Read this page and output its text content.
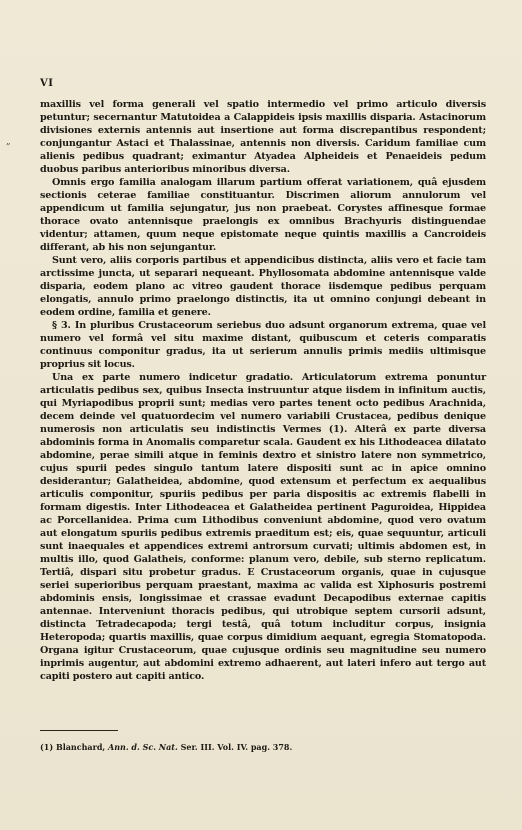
VI
„

maxillis vel forma generali vel spatio intermedio vel primo articulo diversis petuntur; secernantur Matutoidea a Calappideis ipsis maxillis disparia. Astacinorum divisiones externis antennis aut insertione aut forma discrepantibus respondent; conjungantur Astaci et Thalassinae, antennis non diversis. Caridum familiae cum alienis pedibus quadrant; eximantur Atyadea Alpheideis et Penaeideis pedum duobus paribus anterioribus minoribus diversa.

Omnis ergo familia analogam illarum partium offerat variationem, quâ ejusdem sectionis ceterae familiae constituantur. Discrimen aliorum annulorum vel appendicum ut familia sejungatur, jus non praebeat. Corystes affinesque formae thorace ovato antennisque praelongis ex omnibus Brachyuris distinguendae videntur; attamen, quum neque epistomate neque quintis maxillis a Cancroideis differant, ab his non sejungantur.

Sunt vero, aliis corporis partibus et appendicibus distincta, aliis vero et facie tam arctissime juncta, ut separari nequeant. Phyllosomata abdomine antennisque valde disparia, eodem plano ac vitreo gaudent thorace iisdemque pedibus perquam elongatis, annulo primo praelongo distinctis, ita ut omnino conjungi debeant in eodem ordine, familia et genere.

§ 3. In pluribus Crustaceorum seriebus duo adsunt organorum extrema, quae vel numero vel formâ vel situ maxime distant, quibuscum et ceteris comparatis continuus componitur gradus, ita ut serierum annulis primis mediis ultimisque proprius sit locus.

Una ex parte numero indicetur gradatio. Articulatorum extrema ponuntur articulatis pedibus sex, quibus Insecta instruuntur atque iisdem in infinitum auctis, qui Myriapodibus proprii sunt; medias vero partes tenent octo pedibus Arachnida, decem deinde vel quatuordecim vel numero variabili Crustacea, pedibus denique numerosis non articulatis seu indistinctis Vermes (1). Alterâ ex parte diversa abdominis forma in Anomalis comparetur scala. Gaudent ex his Lithodeacea dilatato abdomine, perae simili atque in feminis dextro et sinistro latere non symmetrico, cujus spurii pedes singulo tantum latere dispositi sunt ac in apice omnino desiderantur; Galatheidea, abdomine, quod extensum et perfectum ex aequalibus articulis componitur, spuriis pedibus per paria dispositis ac extremis flabelli in formam digestis. Inter Lithodeacea et Galatheidea pertinent Paguroidea, Hippidea ac Porcellanidea. Prima cum Lithodibus conveniunt abdomine, quod vero ovatum aut elongatum spuriis pedibus extremis praeditum est; eis, quae sequuntur, articuli sunt inaequales et appendices extremi antrorsum curvati; ultimis abdomen est, in multis illo, quod Galatheis, conforme: planum vero, debile, sub sterno replicatum. Tertiâ, dispari situ probetur gradus. E Crustaceorum organis, quae in cujusque seriei superioribus perquam praestant, maxima ac valida est Xiphosuris postremi abdominis ensis, longissimae et crassae evadunt Decapodibus externae capitis antennae. Interveniunt thoracis pedibus, qui utrobique septem cursorii adsunt, distincta Tetradecapoda; tergi testâ, quâ totum includitur corpus, insignia Heteropoda; quartis maxillis, quae corpus dimidium aequant, egregia Stomatopoda. Organa igitur Crustaceorum, quae cujusque ordinis seu magnitudine seu numero inprimis augentur, aut abdomini extremo adhaerent, aut lateri infero aut tergo aut capiti postero aut capiti antico.

(1) Blanchard, Ann. d. Sc. Nat. Ser. III. Vol. IV. pag. 378.
